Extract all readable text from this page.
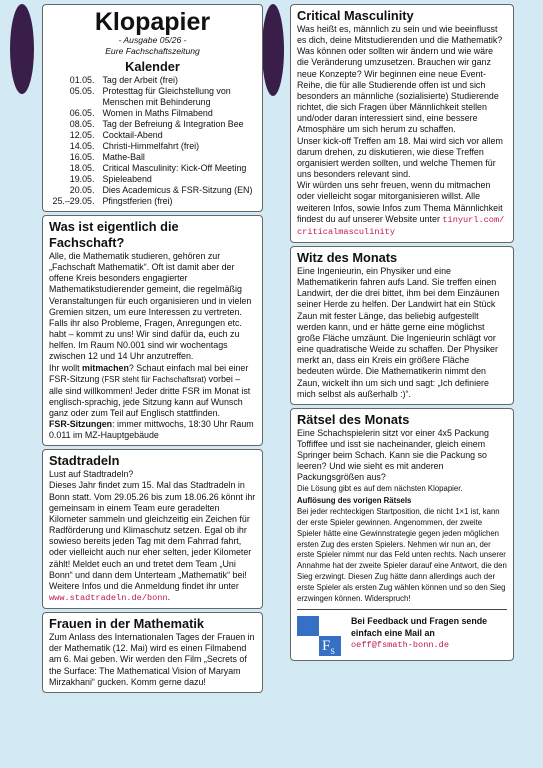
Klopapier
- Ausgabe 05/26 -
Eure Fachschaftszeitung
Kalender
01.05.	Tag der Arbeit (frei)
05.05.	Protesttag für Gleichstellung von Menschen mit Behinderung
06.05.	Women in Maths Filmabend
08.05.	Tag der Befreiung & Integration Bee
12.05.	Cocktail-Abend
14.05.	Christi-Himmelfahrt (frei)
16.05.	Mathe-Ball
18.05.	Critical Masculinity: Kick-Off Meeting
19.05.	Spieleabend
20.05.	Dies Academicus & FSR-Sitzung (EN)
25.–29.05.	Pfingstferien (frei)
Was ist eigentlich die Fachschaft?

Alle, die Mathematik studieren, gehören zur „Fachschaft Mathematik“. Oft ist damit aber der offene Kreis besonders engagierter Mathematikstudierender gemeint, die regelmäßig Veranstaltungen für euch organisieren und in vielen Gremien sitzen, um eure Interessen zu vertreten. Falls ihr also Probleme, Fragen, Anregungen etc. habt – kommt zu uns! Wir sind dafür da, euch zu helfen. Im Raum N0.001 sind wir wochentags zwischen 12 und 14 Uhr anzutreffen.

Ihr wollt mitmachen? Schaut einfach mal bei einer FSR-Sitzung (FSR steht für Fachschaftsrat) vorbei – alle sind willkommen! Jeder dritte FSR im Monat ist englisch-sprachig, jede Sitzung kann auf Wunsch ganz oder zum Teil auf Englisch stattfinden.

FSR-Sitzungen: immer mittwochs, 18:30 Uhr Raum 0.011 im MZ-Hauptgebäude

Stadtradeln

Lust auf Stadtradeln?

Dieses Jahr findet zum 15. Mal das Stadtradeln in Bonn statt. Vom 29.05.26 bis zum 18.06.26 könnt ihr gemeinsam in einem Team eure geradelten Kilometer sammeln und gleichzeitig ein Zeichen für Radförderung und Klimaschutz setzen. Egal ob ihr sowieso bereits jeden Tag mit dem Fahrrad fahrt, oder vielleicht auch nur eher selten, jeder Kilometer zählt! Meldet euch an und tretet dem Team „Uni Bonn“ und dann dem Unterteam „Mathematik“ bei! Weitere Infos und die Anmeldung findet ihr unter www.stadtradeln.de/bonn.

Frauen in der Mathematik

Zum Anlass des Internationalen Tages der Frauen in der Mathematik (12. Mai) wird es einen Filmabend am 6. Mai geben. Wir werden den Film „Secrets of the Surface: The Mathematical Vision of Maryam Mirzakhani“ gucken. Komm gerne dazu!

Critical Masculinity

Was heißt es, männlich zu sein und wie beeinflusst es dich, deine Mitstudierenden und die Mathematik? Was können oder sollten wir ändern und wie wäre die Veränderung umzusetzen. Brauchen wir ganz neue Konzepte? Wir beginnen eine neue Event-Reihe, die für alle Studierende offen ist und sich besonders an männliche (sozialisierte) Studierende richtet, die sich Fragen über Männlichkeit stellen und/oder daran interessiert sind, eine bessere Atmosphäre um sich herum zu schaffen.

Unser kick-off Treffen am 18. Mai wird sich vor allem darum drehen, zu diskutieren, wie diese Treffen organisiert werden sollten, und welche Themen für uns besonders relevant sind.

Wir würden uns sehr freuen, wenn du mitmachen oder vielleicht sogar mitorganisieren willst. Alle weiteren Infos, sowie Infos zum Thema Männlichkeit findest du auf unserer Website unter tinyurl.com/criticalmasculinity

Witz des Monats

Eine Ingenieurin, ein Physiker und eine Mathematikerin fahren aufs Land. Sie treffen einen Landwirt, der die drei bittet, ihm bei dem Einzäunen seiner Herde zu helfen. Der Landwirt hat ein Stück Zaun mit fester Länge, das beliebig aufgestellt werden kann, und er hätte gerne eine möglichst große Fläche umzäunt. Die Ingenieurin schlägt vor eine quadratische Weide zu schaffen. Der Physiker merkt an, dass ein Kreis ein größere Fläche bedeuten würde. Die Mathematikerin nimmt den Zaun, wickelt ihn um sich und sagt: „Ich definiere mich selbst als außerhalb :)“.

Rätsel des Monats

Eine Schachspielerin sitzt vor einer 4x5 Packung Toffiffee und isst sie nacheinander, gleich einem Springer beim Schach. Kann sie die Packung so leeren? Und wie sieht es mit anderen Packungsgrößen aus?

Die Lösung gibt es auf dem nächsten Klopapier.

Auflösung des vorigen Rätsels

Bei jeder rechteckigen Startposition, die nicht 1×1 ist, kann der erste Spieler gewinnen. Angenommen, der zweite Spieler hätte eine Gewinnstrategie gegen jeden möglichen ersten Zug des ersten Spielers. Nehmen wir nun an, der erste Spieler nimmt nur das Feld unten rechts. Nach unserer Annahme hat der zweite Spieler darauf eine Antwort, die den Sieg erzwingt. Diesen Zug hätte dann allerdings auch der erste Spieler als ersten Zug wählen können und so den Sieg erzwingen können. Widerspruch!

$F_S$
Bei Feedback und Fragen sende einfach eine Mail an
oeff@fsmath-bonn.de
